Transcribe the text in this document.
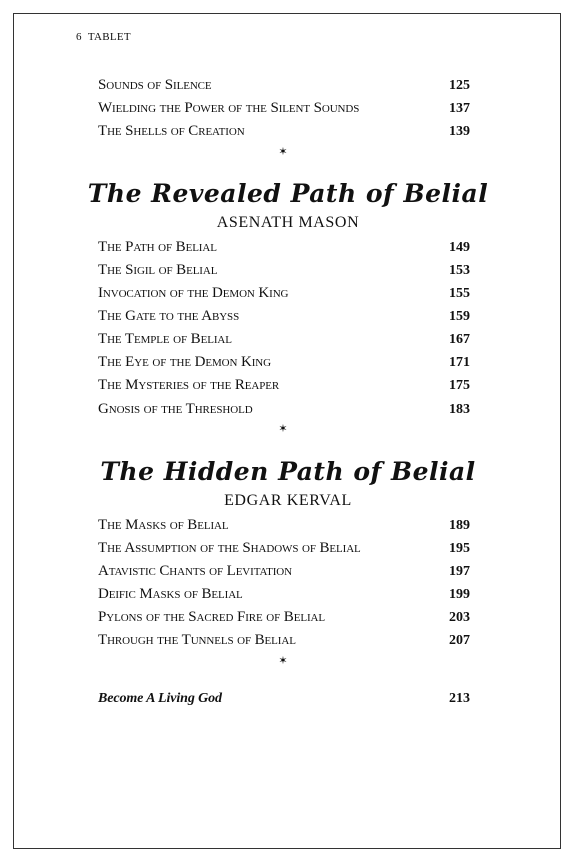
6 TABLET
Sounds of Silence	125
Wielding the Power of the Silent Sounds	137
The Shells of Creation	139
✶
The Revealed Path of Belial
ASENATH MASON
The Path of Belial	149
The Sigil of Belial	153
Invocation of the Demon King	155
The Gate to the Abyss	159
The Temple of Belial	167
The Eye of the Demon King	171
The Mysteries of the Reaper	175
Gnosis of the Threshold	183
✶
The Hidden Path of Belial
EDGAR KERVAL
The Masks of Belial	189
The Assumption of the Shadows of Belial	195
Atavistic Chants of Levitation	197
Deific Masks of Belial	199
Pylons of the Sacred Fire of Belial	203
Through the Tunnels of Belial	207
✶
Become A Living God	213
